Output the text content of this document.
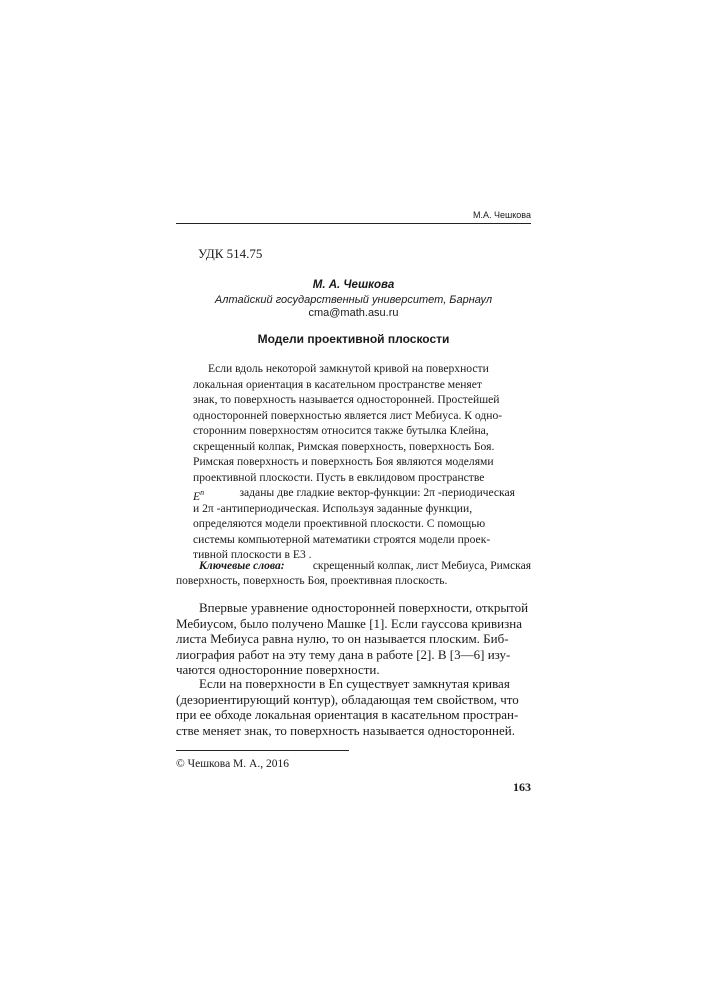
М.А. Чешкова
УДК 514.75
М. А. Чешкова
Алтайский государственный университет, Барнаул
cma@math.asu.ru
Модели проективной плоскости
Если вдоль некоторой замкнутой кривой на поверхности
локальная ориентация в касательном пространстве меняет
знак, то поверхность называется односторонней. Простейшей
односторонней поверхностью является лист Мебиуса. К одно-
сторонним поверхностям относится также бутылка Клейна,
скрещенный колпак, Римская поверхность, поверхность Боя.
Римская поверхность и поверхность Боя являются моделями
проективной плоскости. Пусть в евклидовом пространстве
$E^n$	заданы две гладкие вектор-функции: 2π -периодическая
и 2π -антипериодическая. Используя заданные функции,
определяются модели проективной плоскости. С помощью
системы компьютерной математики строятся модели проек-
тивной плоскости в E3 .
Ключевые слова: скрещенный колпак, лист Мебиуса, Римская
поверхность, поверхность Боя, проективная плоскость.
Впервые уравнение односторонней поверхности, открытой
Мебиусом, было получено Машке [1]. Если гауссова кривизна
листа Мебиуса равна нулю, то он называется плоским. Биб-
лиография работ на эту тему дана в работе [2]. В [3—6] изу-
чаются односторонние поверхности.
Если на поверхности в En существует замкнутая кривая
(дезориентирующий контур), обладающая тем свойством, что
при ее обходе локальная ориентация в касательном простран-
стве меняет знак, то поверхность называется односторонней.
© Чешкова М. А., 2016
163
